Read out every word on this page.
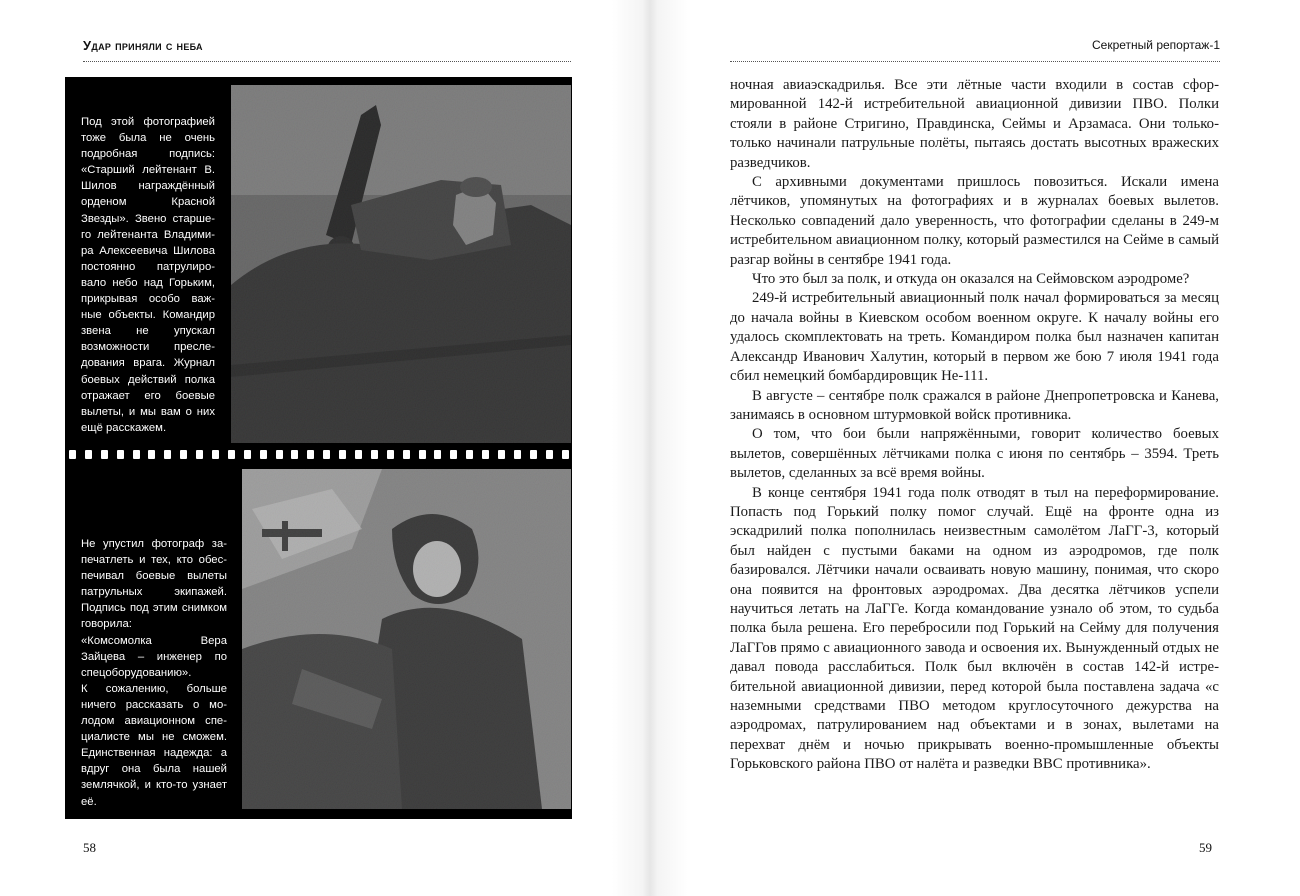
Удар приняли с неба

Под этой фотографией тоже была не очень подробная подпись: «Старший лейтенант В. Шилов награждённый орденом Красной Звезды». Звено старшего лейтенанта Владимира Алексеевича Шилова постоянно патрулировало небо над Горьким, прикрывая особо важные объекты. Командир звена не упускал возможности преследования врага. Журнал боевых действий полка отражает его боевые вылеты, и мы вам о них ещё расскажем.

Не упустил фотограф запечатлеть и тех, кто обеспечивал боевые вылеты патрульных экипажей. Подпись под этим снимком говорила:

«Комсомолка Вера Зайцева – инженер по спецоборудованию».

К сожалению, больше ничего рассказать о молодом авиационном специалисте мы не сможем. Единственная надежда: а вдруг она была нашей землячкой, и кто-то узнает её.

58
Секретный репортаж-1

ночная авиаэскадрилья. Все эти лётные части входили в состав сформированной 142-й истребительной авиационной дивизии ПВО. Полки стояли в районе Стригино, Правдинска, Сеймы и Арзамаса. Они только-только начинали патрульные полёты, пытаясь достать высотных вражеских разведчиков.

С архивными документами пришлось повозиться. Искали имена лётчиков, упомянутых на фотографиях и в журналах боевых вылетов. Несколько совпадений дало уверенность, что фотографии сделаны в 249-м истребительном авиационном полку, который разместился на Сейме в самый разгар войны в сентябре 1941 года.

Что это был за полк, и откуда он оказался на Сеймовском аэродроме?

249-й истребительный авиационный полк начал формироваться за месяц до начала войны в Киевском особом военном округе. К началу войны его удалось скомплектовать на треть. Командиром полка был назначен капитан Александр Иванович Халутин, который в первом же бою 7 июля 1941 года сбил немецкий бомбардировщик Не-111.

В августе – сентябре полк сражался в районе Днепропетровска и Канева, занимаясь в основном штурмовкой войск противника.

О том, что бои были напряжёнными, говорит количество боевых вылетов, совершённых лётчиками полка с июня по сентябрь – 3594. Треть вылетов, сделанных за всё время войны.

В конце сентября 1941 года полк отводят в тыл на переформирование. Попасть под Горький полку помог случай. Ещё на фронте одна из эскадрилий полка пополнилась неизвестным самолётом ЛаГГ-3, который был найден с пустыми баками на одном из аэродромов, где полк базировался. Лётчики начали осваивать новую машину, понимая, что скоро она появится на фронтовых аэродромах. Два десятка лётчиков успели научиться летать на ЛаГГе. Когда командование узнало об этом, то судьба полка была решена. Его перебросили под Горький на Сейму для получения ЛаГГов прямо с авиационного завода и освоения их. Вынужденный отдых не давал повода расслабиться. Полк был включён в состав 142-й истребительной авиационной дивизии, перед которой была поставлена задача «с наземными средствами ПВО методом круглосуточного дежурства на аэродромах, патрулированием над объектами и в зонах, вылетами на перехват днём и ночью прикрывать военно-промышленные объекты Горьковского района ПВО от налёта и разведки ВВС противника».

59
